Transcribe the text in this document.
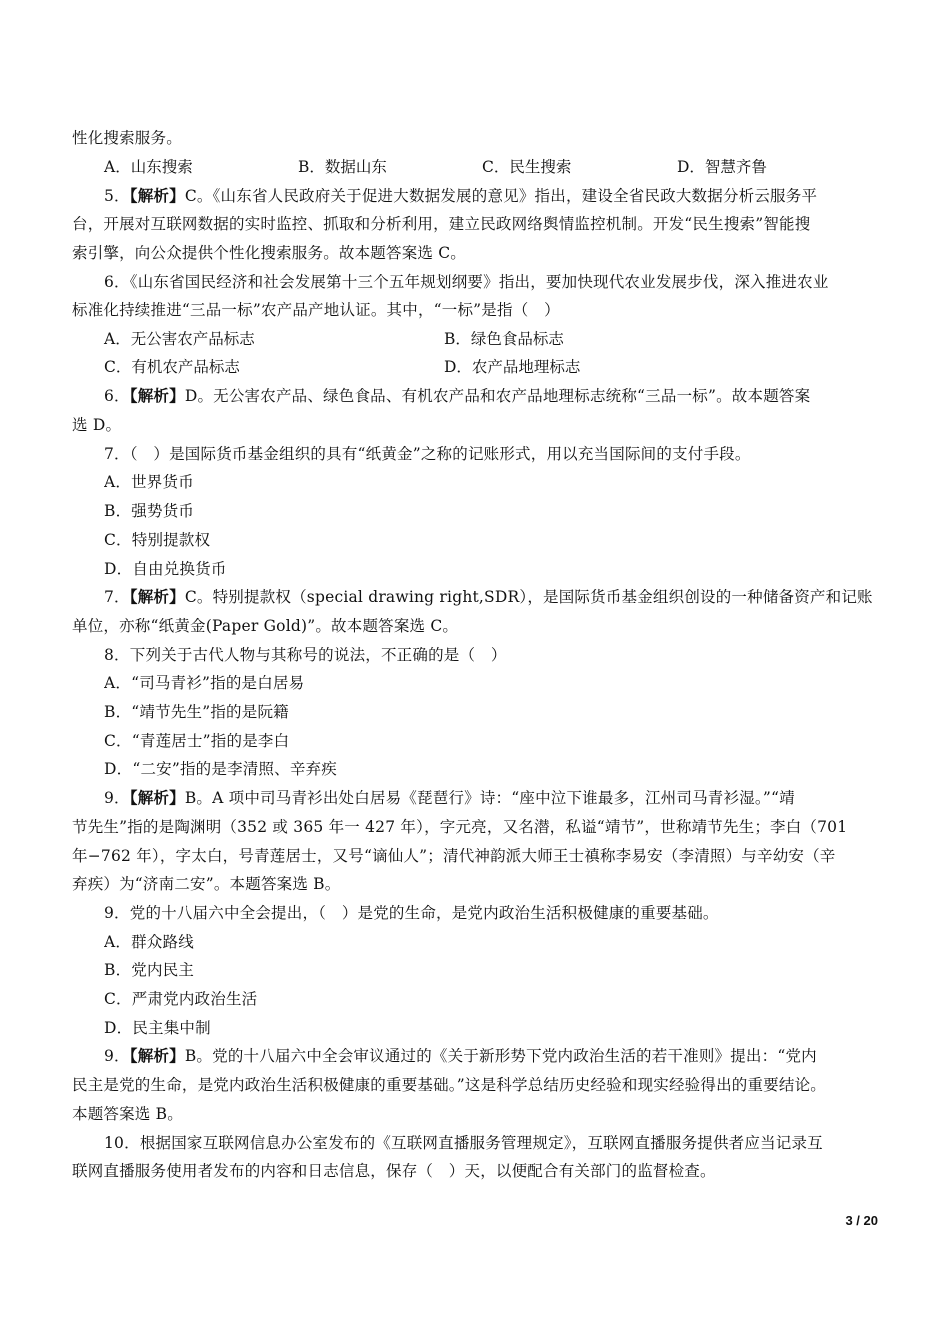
性化搜索服务。
A．山东搜索	B．数据山东	C．民生搜索	D．智慧齐鲁
5．【解析】C。《山东省人民政府关于促进大数据发展的意见》指出，建设全省民政大数据分析云服务平
台，开展对互联网数据的实时监控、抓取和分析利用，建立民政网络舆情监控机制。开发“民生搜索”智能搜
索引擎，向公众提供个性化搜索服务。故本题答案选 C。
6．《山东省国民经济和社会发展第十三个五年规划纲要》指出，要加快现代农业发展步伐，深入推进农业
标准化持续推进“三品一标”农产品产地认证。其中，“一标”是指（　）
A．无公害农产品标志	B．绿色食品标志
C．有机农产品标志	D．农产品地理标志
6．【解析】D。无公害农产品、绿色食品、有机农产品和农产品地理标志统称“三品一标”。故本题答案
选 D。
7．（　）是国际货币基金组织的具有“纸黄金”之称的记账形式，用以充当国际间的支付手段。
A．世界货币
B．强势货币
C．特别提款权
D．自由兑换货币
7．【解析】C。特别提款权（special drawing right,SDR），是国际货币基金组织创设的一种储备资产和记账
单位，亦称“纸黄金(Paper Gold)”。故本题答案选 C。
8．下列关于古代人物与其称号的说法，不正确的是（　）
A．“司马青衫”指的是白居易
B．“靖节先生”指的是阮籍
C．“青莲居士”指的是李白
D．“二安”指的是李清照、辛弃疾
9．【解析】B。A 项中司马青衫出处白居易《琵琶行》诗：“座中泣下谁最多，江州司马青衫湿。”“靖
节先生”指的是陶渊明（352 或 365 年一 427 年），字元亮，又名潜，私谥“靖节”，世称靖节先生；李白（701
年−762 年），字太白，号青莲居士，又号“谪仙人”；清代神韵派大师王士禛称李易安（李清照）与辛幼安（辛
弃疾）为“济南二安”。本题答案选 B。
9．党的十八届六中全会提出，（　）是党的生命，是党内政治生活积极健康的重要基础。
A．群众路线
B．党内民主
C．严肃党内政治生活
D．民主集中制
9．【解析】B。党的十八届六中全会审议通过的《关于新形势下党内政治生活的若干准则》提出：“党内
民主是党的生命，是党内政治生活积极健康的重要基础。”这是科学总结历史经验和现实经验得出的重要结论。
本题答案选 B。
10．根据国家互联网信息办公室发布的《互联网直播服务管理规定》，互联网直播服务提供者应当记录互
联网直播服务使用者发布的内容和日志信息，保存（　）天，以便配合有关部门的监督检查。
3 / 20
